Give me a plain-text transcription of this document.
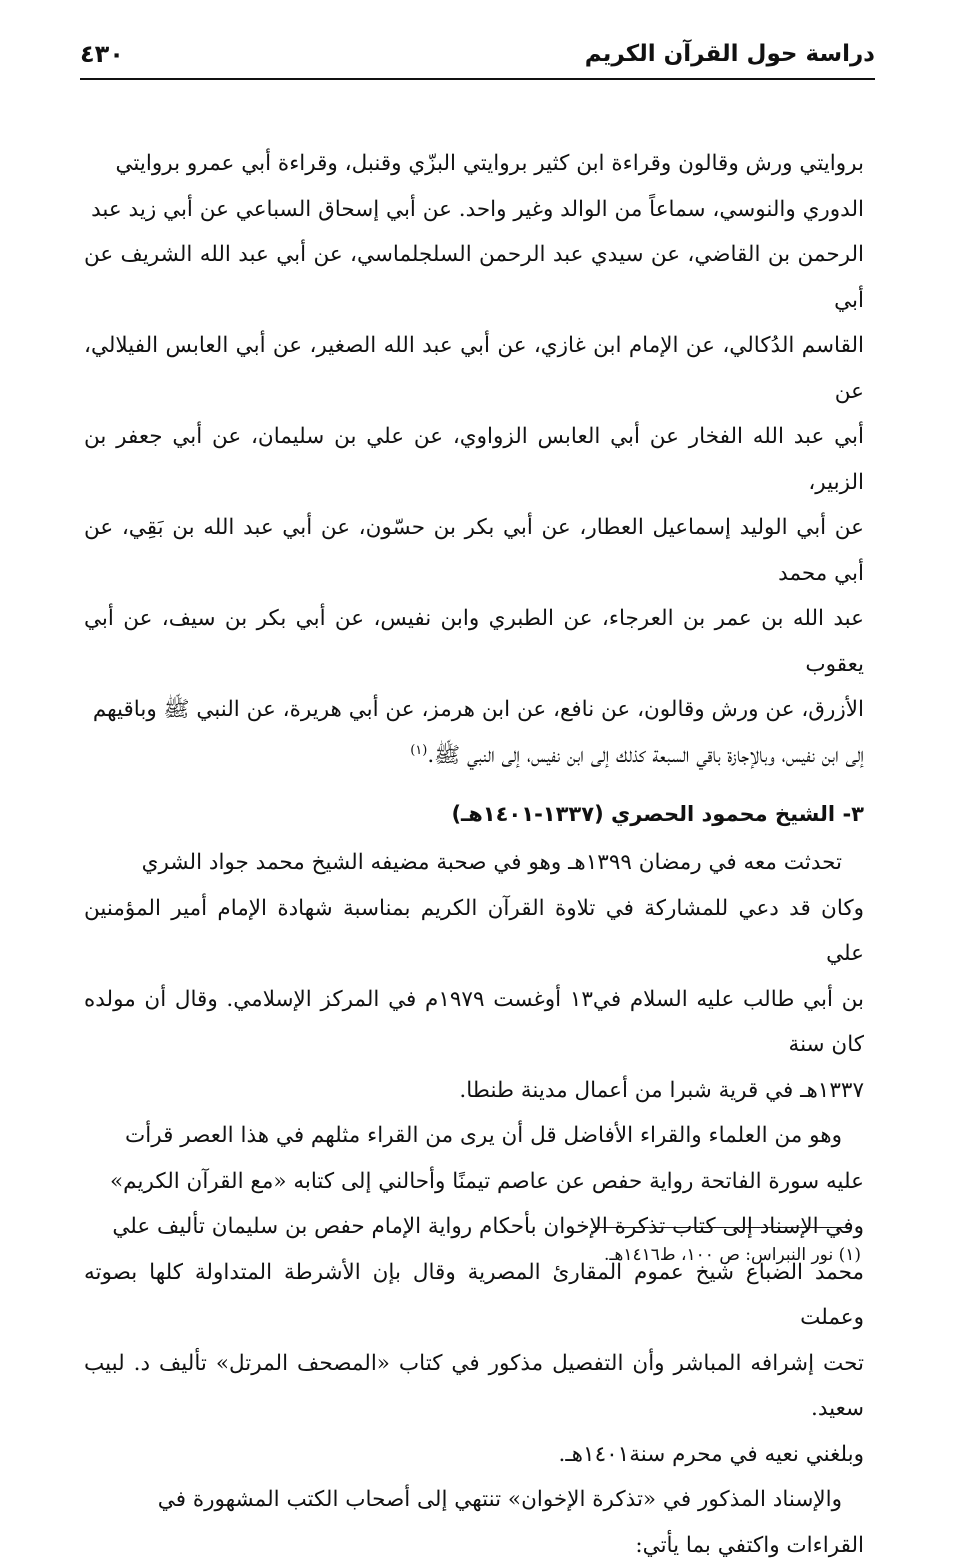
دراسة حول القرآن الكريم
٤٣٠

بروايتي ورش وقالون وقراءة ابن كثير بروايتي البزّي وقنبل، وقراءة أبي عمرو بروايتي
الدوري والنوسي، سماعاً من الوالد وغير واحد. عن أبي إسحاق السباعي عن أبي زيد عبد
الرحمن بن القاضي، عن سيدي عبد الرحمن السلجلماسي، عن أبي عبد الله الشريف عن أبي
القاسم الدُكالي، عن الإمام ابن غازي، عن أبي عبد الله الصغير، عن أبي العابس الفيلالي، عن
أبي عبد الله الفخار عن أبي العابس الزواوي، عن علي بن سليمان، عن أبي جعفر بن الزبير،
عن أبي الوليد إسماعيل العطار، عن أبي بكر بن حسّون، عن أبي عبد الله بن بَقِي، عن أبي محمد
عبد الله بن عمر بن العرجاء، عن الطبري وابن نفيس، عن أبي بكر بن سيف، عن أبي يعقوب
الأزرق، عن ورش وقالون، عن نافع، عن ابن هرمز، عن أبي هريرة، عن النبي ﷺ وباقيهم
إلى ابن نفيس، وبالإجازة باقي السبعة كذلك إلى ابن نفيس، إلى النبي ﷺ.$^{(١)}$

٣- الشيخ محمود الحصري (١٣٣٧-١٤٠١هـ)

تحدثت معه في رمضان ١٣٩٩هـ وهو في صحبة مضيفه الشيخ محمد جواد الشري
وكان قد دعي للمشاركة في تلاوة القرآن الكريم بمناسبة شهادة الإمام أمير المؤمنين علي
بن أبي طالب عليه السلام في١٣ أوغست ١٩٧٩م في المركز الإسلامي. وقال أن مولده كان سنة
١٣٣٧هـ في قرية شبرا من أعمال مدينة طنطا.

وهو من العلماء والقراء الأفاضل قل أن يرى من القراء مثلهم في هذا العصر قرأت
عليه سورة الفاتحة رواية حفص عن عاصم تيمنًا وأحالني إلى كتابه «مع القرآن الكريم»
وفي الإسناد إلى كتاب تذكرة الإخوان بأحكام رواية الإمام حفص بن سليمان تأليف علي
محمد الضباع شيخ عموم المقارئ المصرية وقال بإن الأشرطة المتداولة كلها بصوته وعملت
تحت إشرافه المباشر وأن التفصيل مذكور في كتاب «المصحف المرتل» تأليف د. لبيب سعيد.
وبلغني نعيه في محرم سنة١٤٠١هـ.

والإسناد المذكور في «تذكرة الإخوان» تنتهي إلى أصحاب الكتب المشهورة في
القراءات واكتفي بما يأتي:

(١) نور النبراس: ص ١٠٠، ط١٤١٦هـ.
